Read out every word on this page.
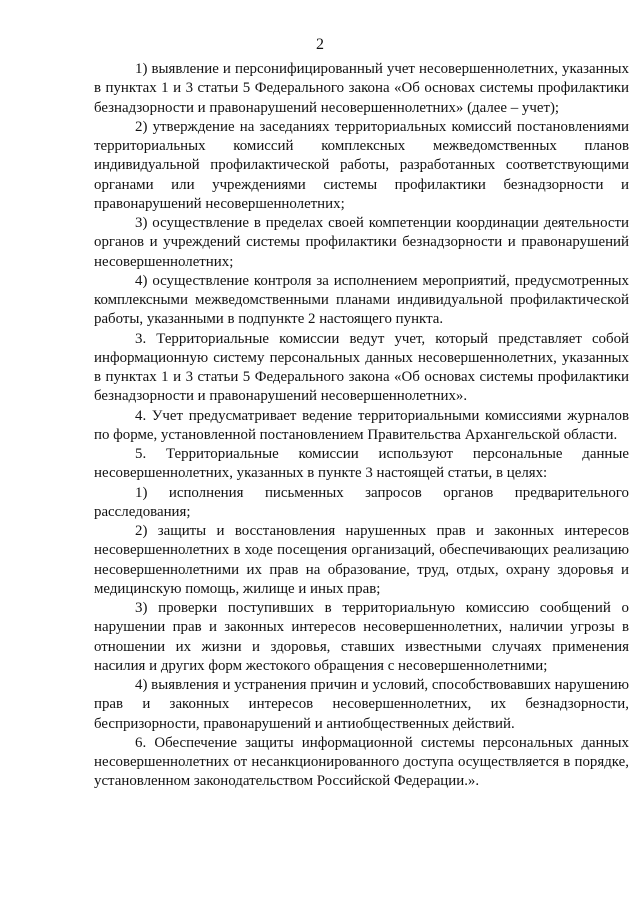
2

1) выявление и персонифицированный учет несовершеннолетних, указанных в пунктах 1 и 3 статьи 5 Федерального закона «Об основах системы профилактики безнадзорности и правонарушений несовершеннолетних» (далее – учет);

2) утверждение на заседаниях территориальных комиссий постановлениями территориальных комиссий комплексных межведомственных планов индивидуальной профилактической работы, разработанных соответствующими органами или учреждениями системы профилактики безнадзорности и правонарушений несовершеннолетних;

3) осуществление в пределах своей компетенции координации деятельности органов и учреждений системы профилактики безнадзорности и правонарушений несовершеннолетних;

4) осуществление контроля за исполнением мероприятий, предусмотренных комплексными межведомственными планами индивидуальной профилактической работы, указанными в подпункте 2 настоящего пункта.

3. Территориальные комиссии ведут учет, который представляет собой информационную систему персональных данных несовершеннолетних, указанных в пунктах 1 и 3 статьи 5 Федерального закона «Об основах системы профилактики безнадзорности и правонарушений несовершеннолетних».

4. Учет предусматривает ведение территориальными комиссиями журналов по форме, установленной постановлением Правительства Архангельской области.

5. Территориальные комиссии используют персональные данные несовершеннолетних, указанных в пункте 3 настоящей статьи, в целях:

1) исполнения письменных запросов органов предварительного расследования;

2) защиты и восстановления нарушенных прав и законных интересов несовершеннолетних в ходе посещения организаций, обеспечивающих реализацию несовершеннолетними их прав на образование, труд, отдых, охрану здоровья и медицинскую помощь, жилище и иных прав;

3) проверки поступивших в территориальную комиссию сообщений о нарушении прав и законных интересов несовершеннолетних, наличии угрозы в отношении их жизни и здоровья, ставших известными случаях применения насилия и других форм жестокого обращения с несовершеннолетними;

4) выявления и устранения причин и условий, способствовавших нарушению прав и законных интересов несовершеннолетних, их безнадзорности, беспризорности, правонарушений и антиобщественных действий.

6. Обеспечение защиты информационной системы персональных данных несовершеннолетних от несанкционированного доступа осуществляется в порядке, установленном законодательством Российской Федерации.».
